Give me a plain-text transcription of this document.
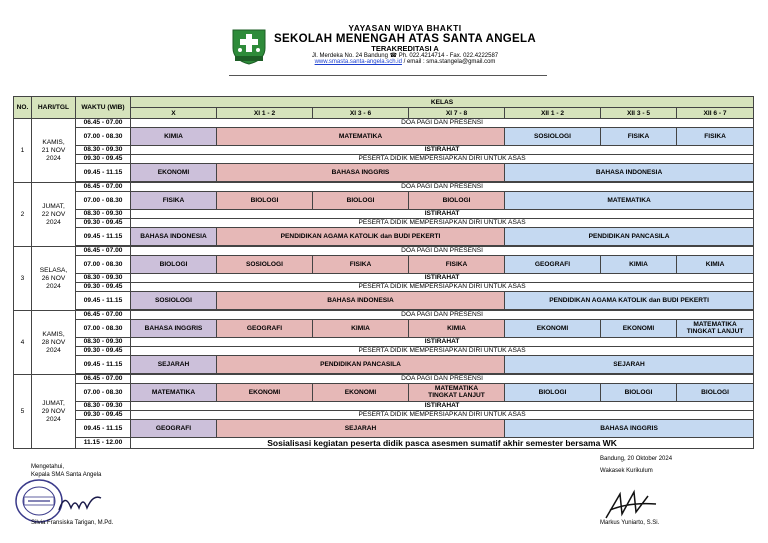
YAYASAN WIDYA BHAKTI
SEKOLAH MENENGAH ATAS SANTA ANGELA
TERAKREDITASI A
Jl. Merdeka No. 24 Bandung ☎ Ph. 022.4214714 - Fax. 022.4222587
www.smasta.santa-angela.sch.id / email : sma.stangela@gmail.com
NO.	HARI/TGL	WAKTU (WIB)	KELAS						
			X	XI 1 - 2	XI 3 - 6	XI 7 - 8	XII 1 - 2	XII 3 - 5	XII 6 - 7
1	KAMIS,
21 NOV
2024	06.45 - 07.00	DOA PAGI DAN PRESENSI						
		07.00 - 08.30	KIMIA	MATEMATIKA			SOSIOLOGI	FISIKA	FISIKA
		08.30 - 09.30	ISTIRAHAT						
		09.30 - 09.45	PESERTA DIDIK MEMPERSIAPKAN DIRI UNTUK ASAS						
		09.45 - 11.15	EKONOMI	BAHASA INGGRIS			BAHASA INDONESIA		

2	JUMAT,
22 NOV
2024	06.45 - 07.00	DOA PAGI DAN PRESENSI						
		07.00 - 08.30	FISIKA	BIOLOGI	BIOLOGI	BIOLOGI	MATEMATIKA		
		08.30 - 09.30	ISTIRAHAT						
		09.30 - 09.45	PESERTA DIDIK MEMPERSIAPKAN DIRI UNTUK ASAS						
		09.45 - 11.15	BAHASA INDONESIA	PENDIDIKAN AGAMA KATOLIK dan BUDI PEKERTI			PENDIDIKAN PANCASILA		

3	SELASA,
26 NOV
2024	06.45 - 07.00	DOA PAGI DAN PRESENSI						
		07.00 - 08.30	BIOLOGI	SOSIOLOGI	FISIKA	FISIKA	GEOGRAFI	KIMIA	KIMIA
		08.30 - 09.30	ISTIRAHAT						
		09.30 - 09.45	PESERTA DIDIK MEMPERSIAPKAN DIRI UNTUK ASAS						
		09.45 - 11.15	SOSIOLOGI	BAHASA INDONESIA			PENDIDIKAN AGAMA KATOLIK dan BUDI PEKERTI		

4	KAMIS,
28 NOV
2024	06.45 - 07.00	DOA PAGI DAN PRESENSI						
		07.00 - 08.30	BAHASA INGGRIS	GEOGRAFI	KIMIA	KIMIA	EKONOMI	EKONOMI	MATEMATIKA
TINGKAT LANJUT

		08.30 - 09.30	ISTIRAHAT						
		09.30 - 09.45	PESERTA DIDIK MEMPERSIAPKAN DIRI UNTUK ASAS						
		09.45 - 11.15	SEJARAH	PENDIDIKAN PANCASILA			SEJARAH		

5	JUMAT,
29 NOV
2024	06.45 - 07.00	DOA PAGI DAN PRESENSI						
		07.00 - 08.30	MATEMATIKA	EKONOMI	EKONOMI	MATEMATIKA
TINGKAT LANJUT	BIOLOGI	BIOLOGI	BIOLOGI
		08.30 - 09.30	ISTIRAHAT						
		09.30 - 09.45	PESERTA DIDIK MEMPERSIAPKAN DIRI UNTUK ASAS						
		09.45 - 11.15	GEOGRAFI	SEJARAH			BAHASA INGGRIS		
		11.15 - 12.00	Sosialisasi kegiatan peserta didik pasca asesmen sumatif akhir semester bersama WK						
Mengetahui,
Kepala SMA Santa Angela
Silvia Fransiska Tarigan, M.Pd.
Bandung, 20 Oktober 2024
Wakasek Kurikulum
Markus Yuniarto, S.Si.
